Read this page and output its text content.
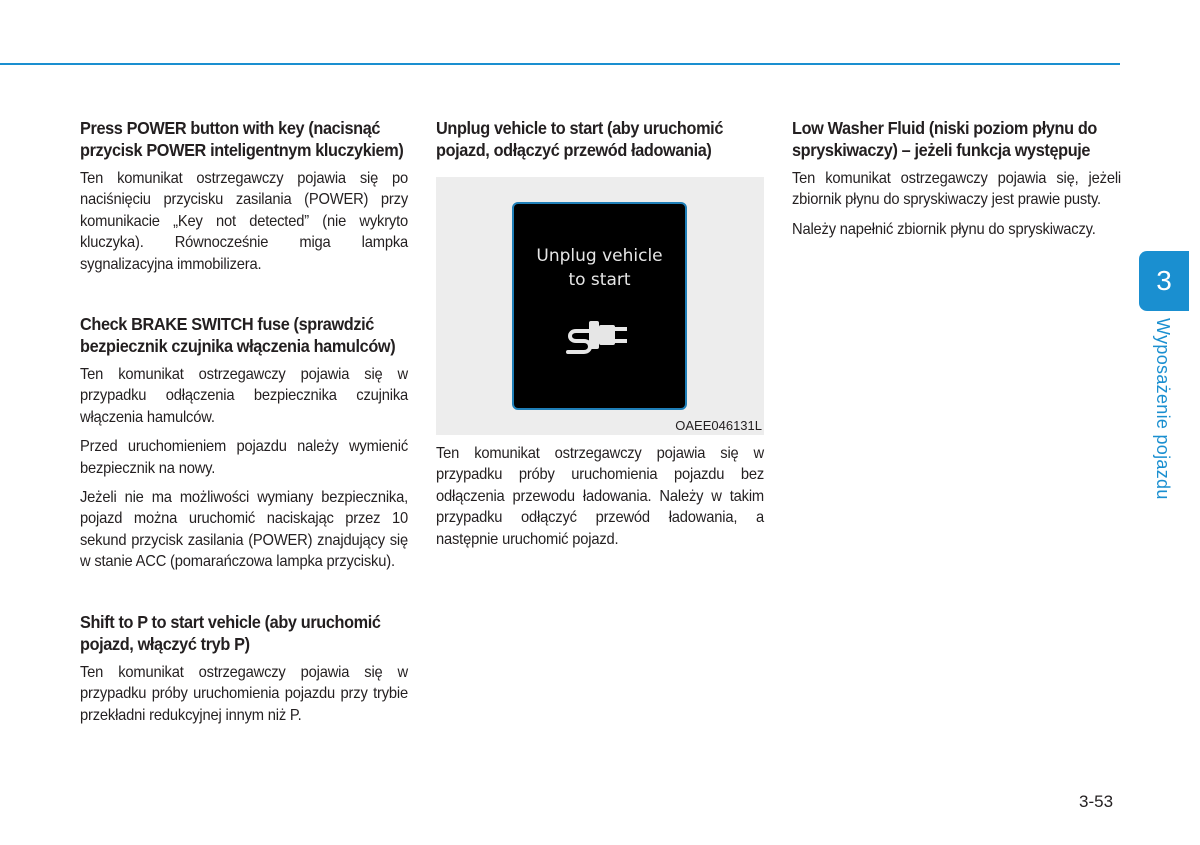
Press POWER button with key (nacisnąć przycisk POWER inteligentnym kluczykiem)

Ten komunikat ostrzegawczy pojawia się po naciśnięciu przycisku zasilania (POWER) przy komunikacie „Key not detected” (nie wykryto kluczyka). Równocześnie miga lampka sygnalizacyjna immobilizera.

Check BRAKE SWITCH fuse (sprawdzić bezpiecznik czujnika włączenia hamulców)

Ten komunikat ostrzegawczy pojawia się w przypadku odłączenia bezpiecznika czujnika włączenia hamulców.

Przed uruchomieniem pojazdu należy wymienić bezpiecznik na nowy.

Jeżeli nie ma możliwości wymiany bezpiecznika, pojazd można uruchomić naciskając przez 10 sekund przycisk zasilania (POWER) znajdujący się w stanie ACC (pomarańczowa lampka przycisku).

Shift to P to start vehicle (aby uruchomić pojazd, włączyć tryb P)

Ten komunikat ostrzegawczy pojawia się w przypadku próby uruchomienia pojazdu przy trybie przekładni redukcyjnej innym niż P.

Unplug vehicle to start (aby uruchomić pojazd, odłączyć przewód ładowania)
Unplug vehicle
to start
OAEE046131L

Ten komunikat ostrzegawczy pojawia się w przypadku próby uruchomienia pojazdu bez odłączenia przewodu ładowania. Należy w takim przypadku odłączyć przewód ładowania, a następnie uruchomić pojazd.

Low Washer Fluid (niski poziom płynu do spryskiwaczy) – jeżeli funkcja występuje

Ten komunikat ostrzegawczy pojawia się, jeżeli zbiornik płynu do spryskiwaczy jest prawie pusty.

Należy napełnić zbiornik płynu do spryskiwaczy.

3
Wyposażenie pojazdu
3-53
